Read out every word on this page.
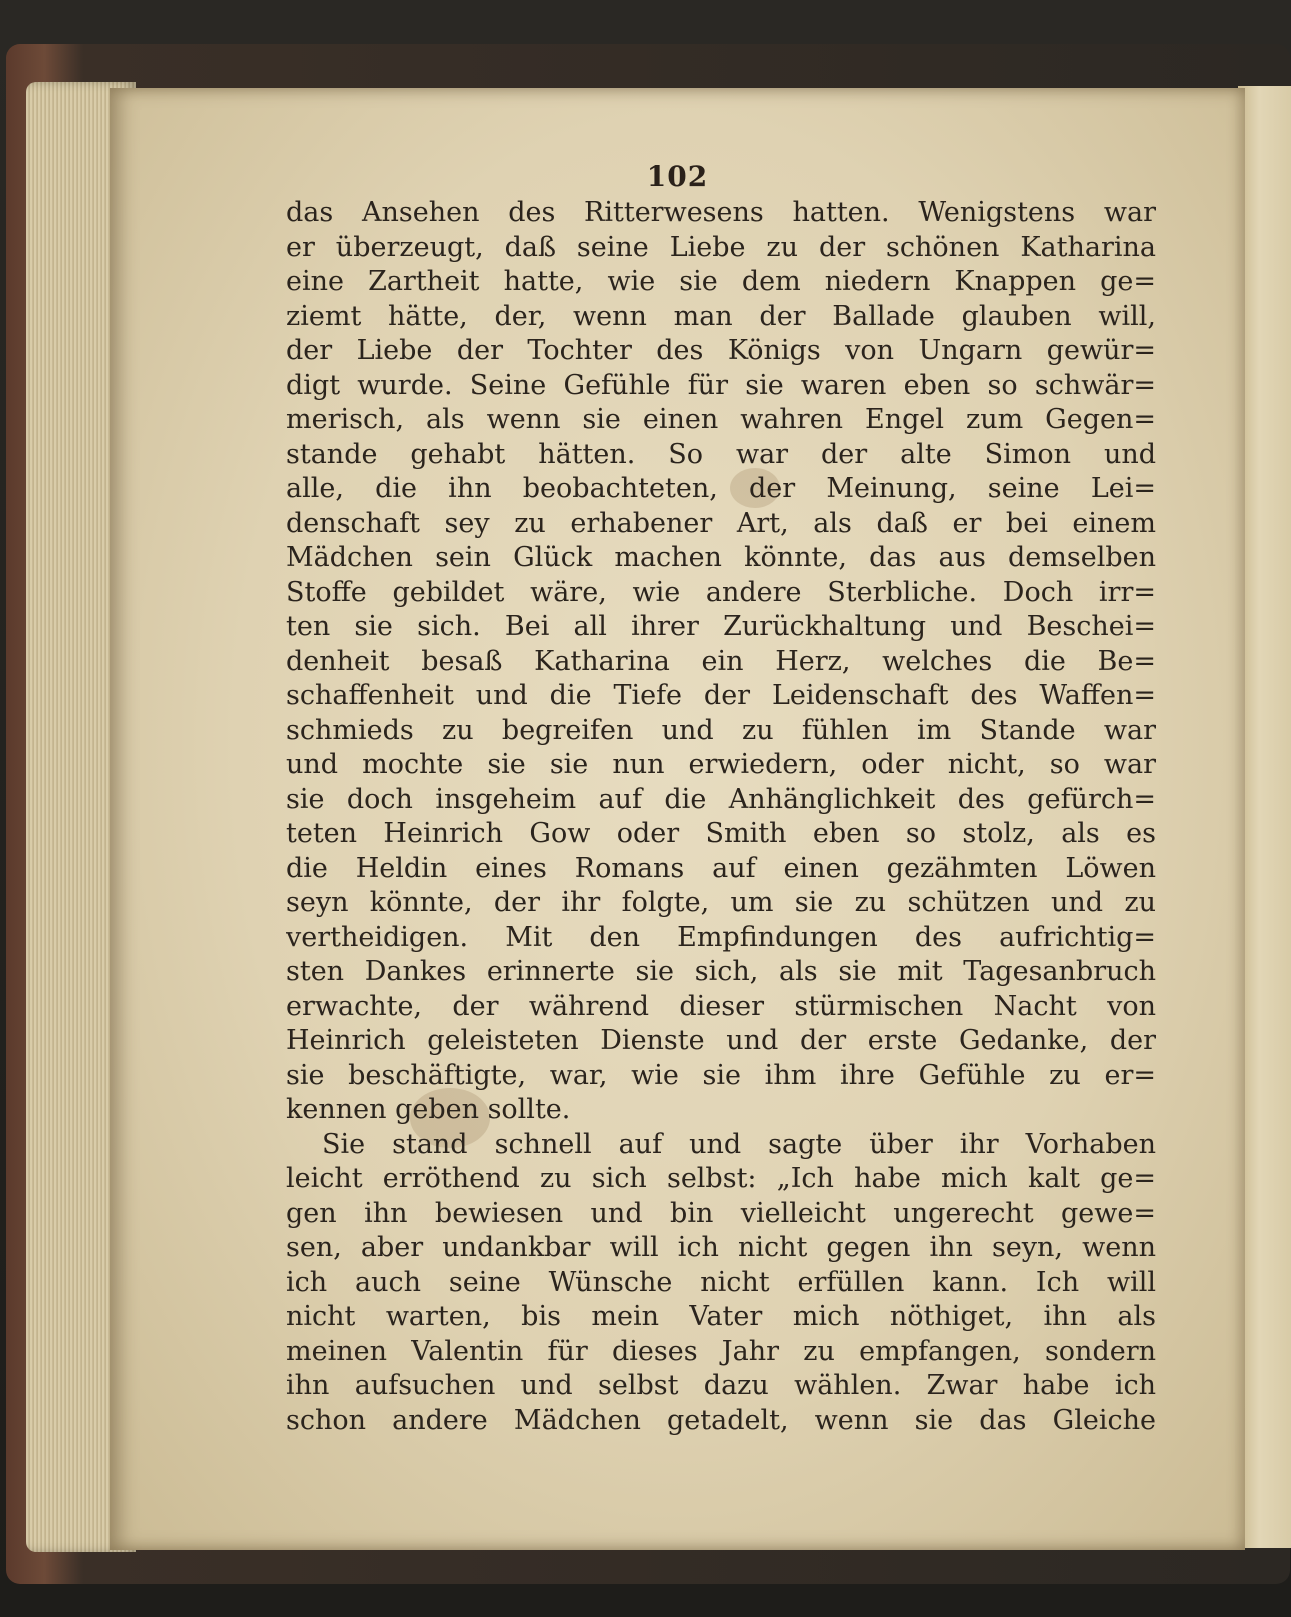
102
das Ansehen des Ritterwesens hatten. Wenigstens war
er überzeugt, daß seine Liebe zu der schönen Katharina
eine Zartheit hatte, wie sie dem niedern Knappen ge=
ziemt hätte, der, wenn man der Ballade glauben will,
der Liebe der Tochter des Königs von Ungarn gewür=
digt wurde. Seine Gefühle für sie waren eben so schwär=
merisch, als wenn sie einen wahren Engel zum Gegen=
stande gehabt hätten. So war der alte Simon und
alle, die ihn beobachteten, der Meinung, seine Lei=
denschaft sey zu erhabener Art, als daß er bei einem
Mädchen sein Glück machen könnte, das aus demselben
Stoffe gebildet wäre, wie andere Sterbliche. Doch irr=
ten sie sich. Bei all ihrer Zurückhaltung und Beschei=
denheit besaß Katharina ein Herz, welches die Be=
schaffenheit und die Tiefe der Leidenschaft des Waffen=
schmieds zu begreifen und zu fühlen im Stande war
und mochte sie sie nun erwiedern, oder nicht, so war
sie doch insgeheim auf die Anhänglichkeit des gefürch=
teten Heinrich Gow oder Smith eben so stolz, als es
die Heldin eines Romans auf einen gezähmten Löwen
seyn könnte, der ihr folgte, um sie zu schützen und zu
vertheidigen. Mit den Empfindungen des aufrichtig=
sten Dankes erinnerte sie sich, als sie mit Tagesanbruch
erwachte, der während dieser stürmischen Nacht von
Heinrich geleisteten Dienste und der erste Gedanke, der
sie beschäftigte, war, wie sie ihm ihre Gefühle zu er=
kennen geben sollte.
Sie stand schnell auf und sagte über ihr Vorhaben
leicht erröthend zu sich selbst: „Ich habe mich kalt ge=
gen ihn bewiesen und bin vielleicht ungerecht gewe=
sen, aber undankbar will ich nicht gegen ihn seyn, wenn
ich auch seine Wünsche nicht erfüllen kann. Ich will
nicht warten, bis mein Vater mich nöthiget, ihn als
meinen Valentin für dieses Jahr zu empfangen, sondern
ihn aufsuchen und selbst dazu wählen. Zwar habe ich
schon andere Mädchen getadelt, wenn sie das Gleiche
